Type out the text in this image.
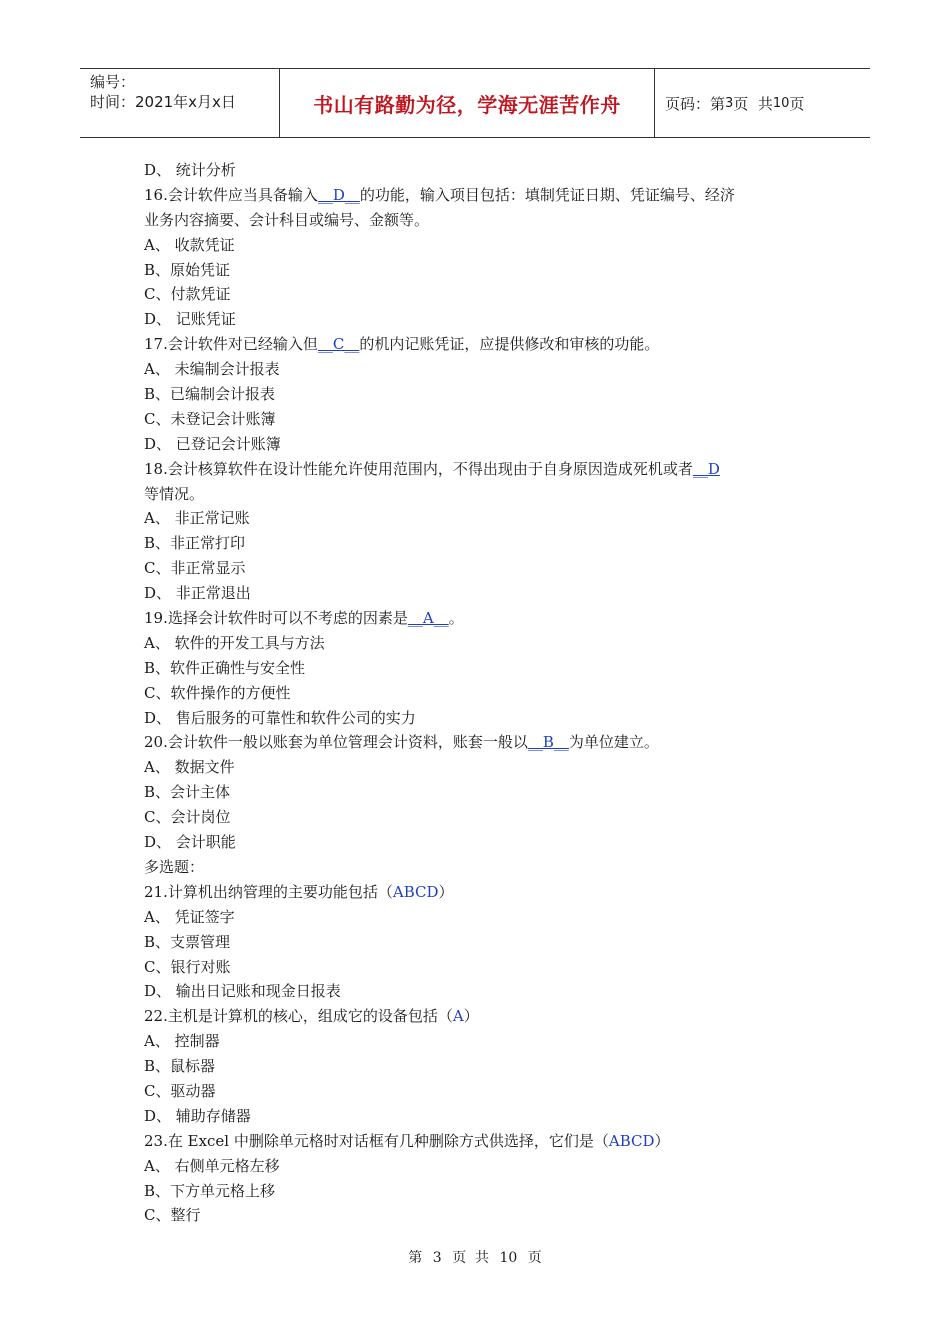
编号：
时间：2021年x月x日	书山有路勤为径，学海无涯苦作舟	页码：第 3 页  共 10 页
D、 统计分析
16.会计软件应当具备输入__D__的功能，输入项目包括：填制凭证日期、凭证编号、经济
业务内容摘要、会计科目或编号、金额等。
A、 收款凭证
B、原始凭证
C、付款凭证
D、 记账凭证
17.会计软件对已经输入但__C__的机内记账凭证，应提供修改和审核的功能。
A、 未编制会计报表
B、已编制会计报表
C、未登记会计账簿
D、 已登记会计账簿
18.会计核算软件在设计性能允许使用范围内，不得出现由于自身原因造成死机或者__D
等情况。
A、 非正常记账
B、非正常打印
C、非正常显示
D、 非正常退出
19.选择会计软件时可以不考虑的因素是__A__。
A、 软件的开发工具与方法
B、软件正确性与安全性
C、软件操作的方便性
D、 售后服务的可靠性和软件公司的实力
20.会计软件一般以账套为单位管理会计资料，账套一般以__B__为单位建立。
A、 数据文件
B、会计主体
C、会计岗位
D、 会计职能
多选题：
21.计算机出纳管理的主要功能包括（ABCD）
A、 凭证签字
B、支票管理
C、银行对账
D、 输出日记账和现金日报表
22.主机是计算机的核心，组成它的设备包括（A）
A、 控制器
B、鼠标器
C、驱动器
D、 辅助存储器
23.在 Excel 中删除单元格时对话框有几种删除方式供选择，它们是（ABCD）
A、 右侧单元格左移
B、下方单元格上移
C、整行
第 3 页  共 10 页
